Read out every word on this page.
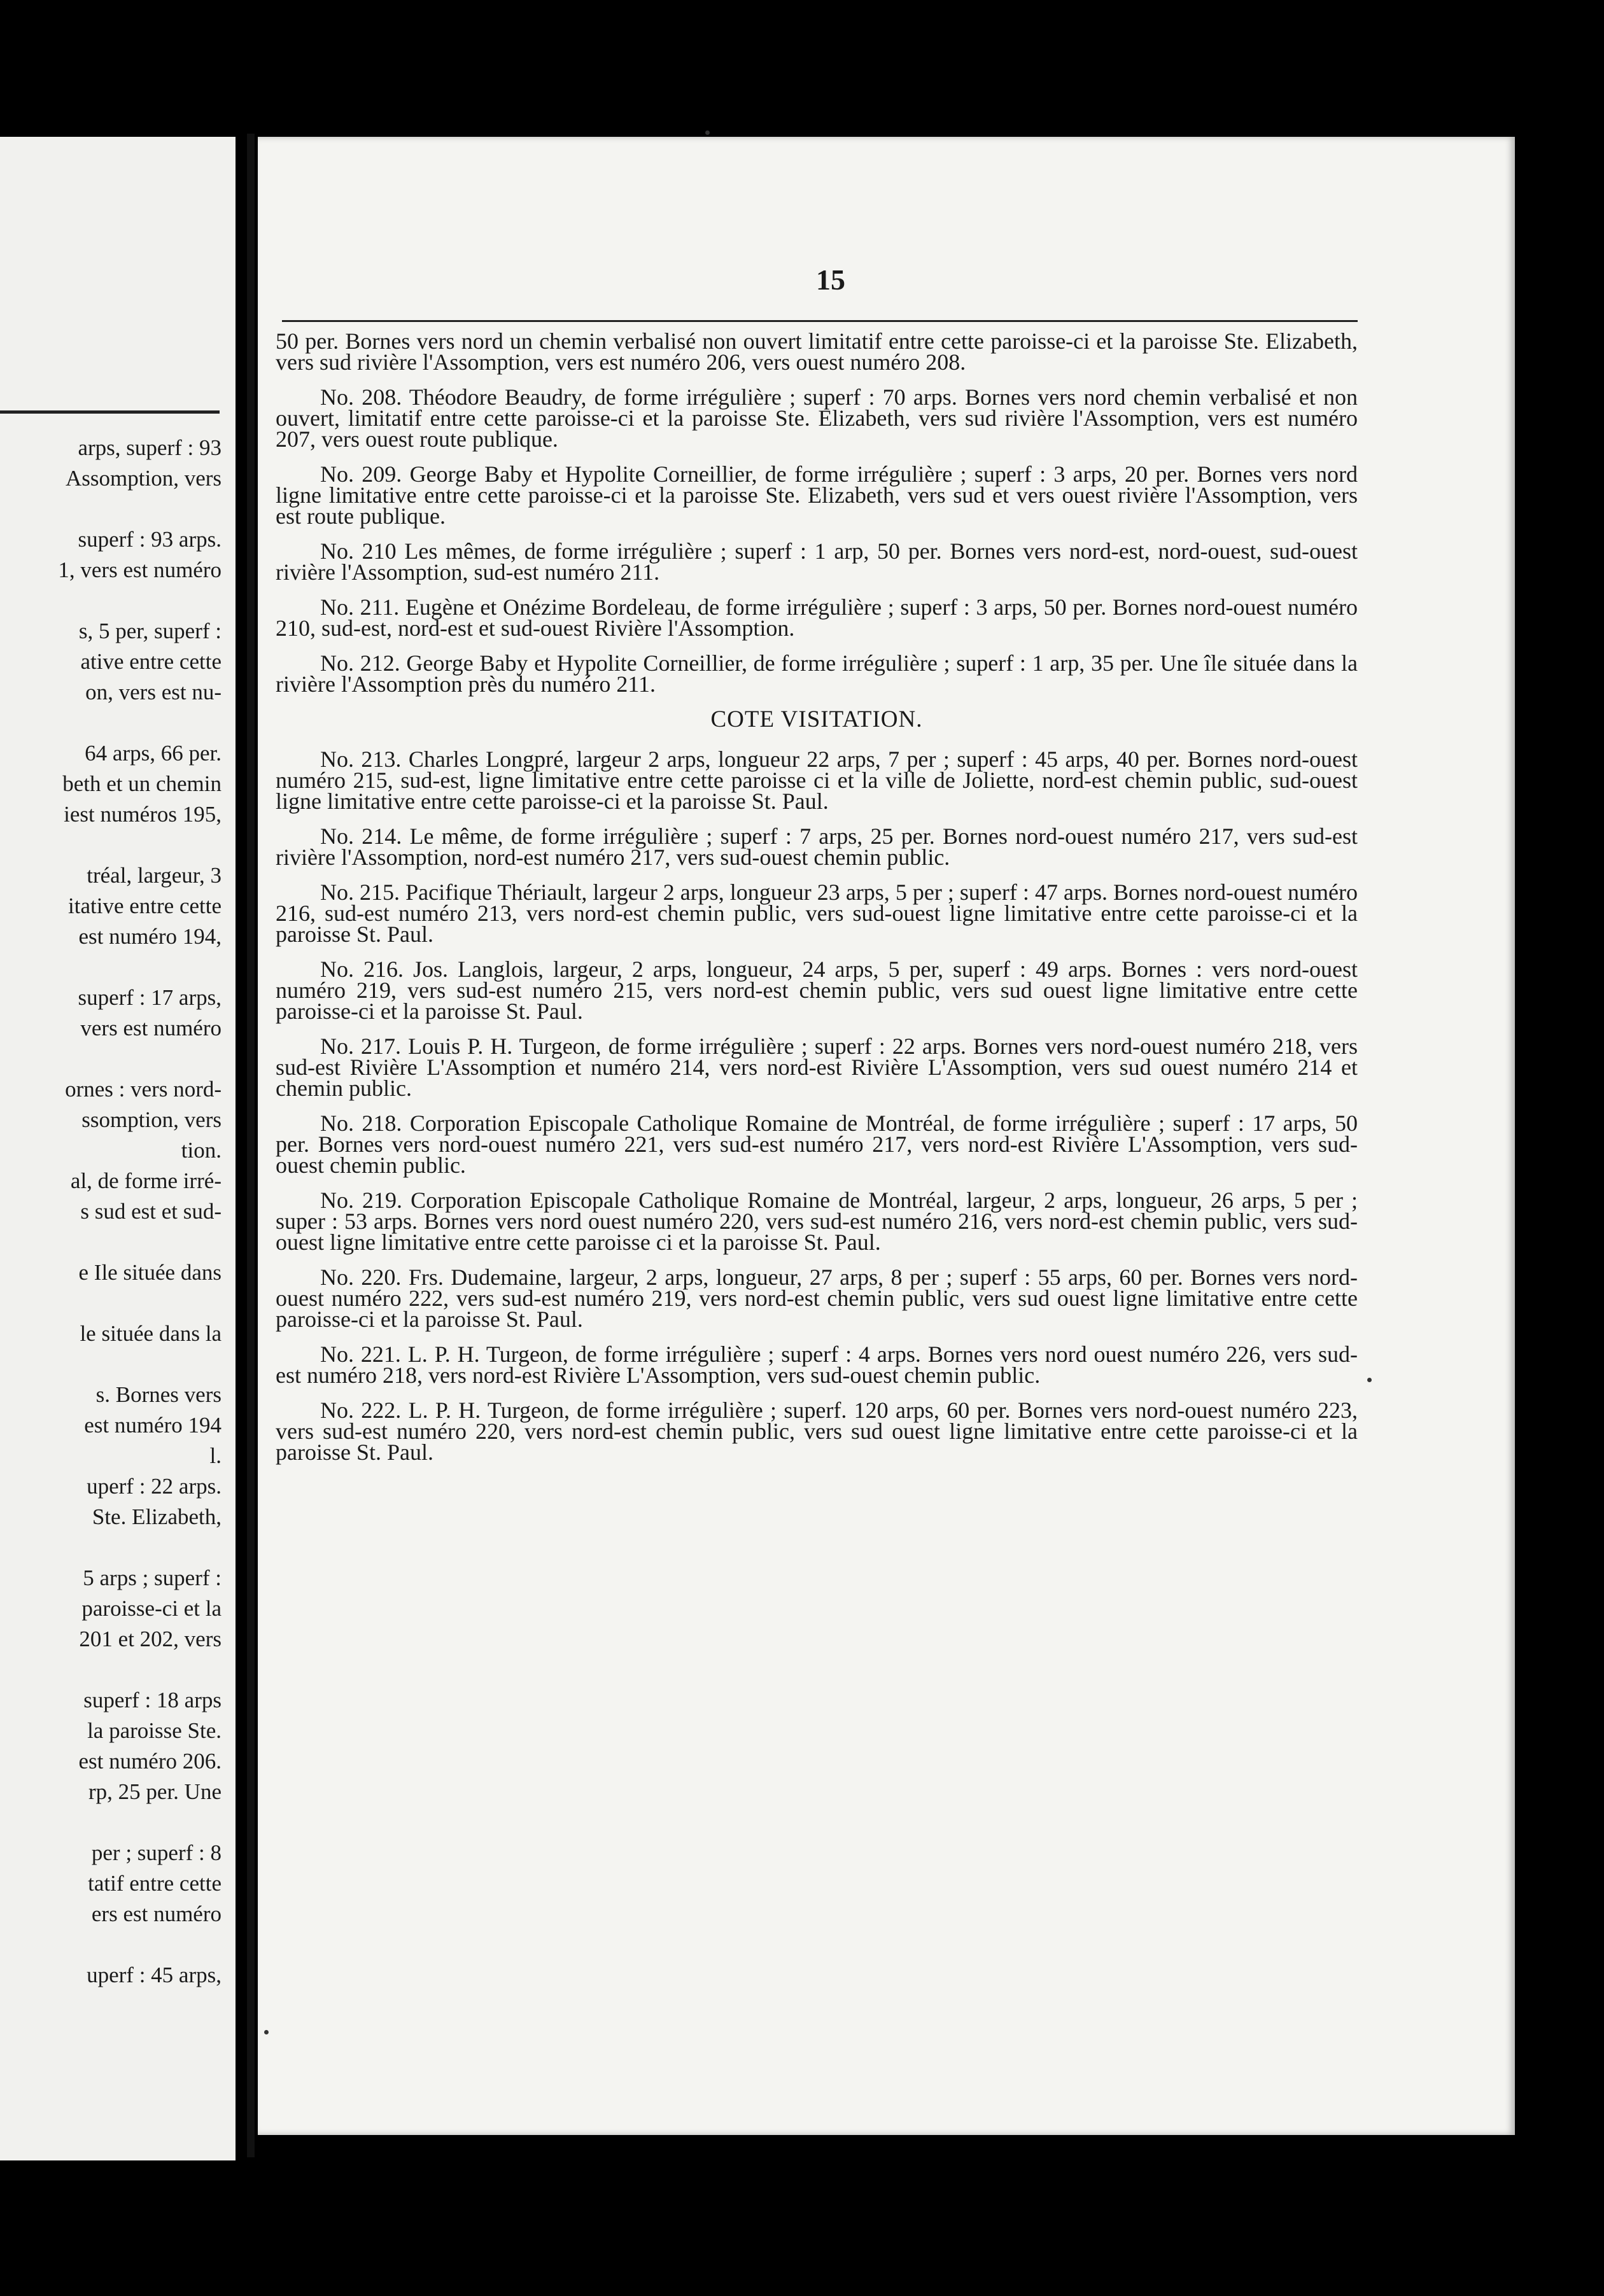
arps, superf : 93
Assomption, vers
superf : 93 arps.
1, vers est numéro
s, 5 per, superf :
ative entre cette
on, vers est nu-
64 arps, 66 per.
beth et un chemin
iest numéros 195,
tréal, largeur, 3
itative entre cette
est numéro 194,
superf : 17 arps,
vers est numéro
ornes : vers nord-
ssomption, vers
tion.
al, de forme irré-
s sud est et sud-
e Ile située dans
le située dans la
s. Bornes vers
est numéro 194
l.
uperf : 22 arps.
Ste. Elizabeth,
5 arps ; superf :
paroisse-ci et la
201 et 202, vers
superf : 18 arps
la paroisse Ste.
est numéro 206.
rp, 25 per. Une
per ; superf : 8
tatif entre cette
ers est numéro
uperf : 45 arps,
15

50 per. Bornes vers nord un chemin verbalisé non ouvert limitatif entre cette paroisse-ci et la paroisse Ste. Elizabeth, vers sud rivière l'Assomption, vers est numéro 206, vers ouest numéro 208.

No. 208. Théodore Beaudry, de forme irrégulière ; superf : 70 arps. Bornes vers nord chemin verbalisé et non ouvert, limitatif entre cette paroisse-ci et la paroisse Ste. Elizabeth, vers sud rivière l'Assomption, vers est numéro 207, vers ouest route publique.

No. 209. George Baby et Hypolite Corneillier, de forme irrégulière ; superf : 3 arps, 20 per. Bornes vers nord ligne limitative entre cette paroisse-ci et la paroisse Ste. Elizabeth, vers sud et vers ouest rivière l'Assomption, vers est route publique.

No. 210 Les mêmes, de forme irrégulière ; superf : 1 arp, 50 per. Bornes vers nord-est, nord-ouest, sud-ouest rivière l'Assomption, sud-est numéro 211.

No. 211. Eugène et Onézime Bordeleau, de forme irrégulière ; superf : 3 arps, 50 per. Bornes nord-ouest numéro 210, sud-est, nord-est et sud-ouest Rivière l'Assomption.

No. 212. George Baby et Hypolite Corneillier, de forme irrégulière ; superf : 1 arp, 35 per. Une île située dans la rivière l'Assomption près du numéro 211.

COTE VISITATION.

No. 213. Charles Longpré, largeur 2 arps, longueur 22 arps, 7 per ; superf : 45 arps, 40 per. Bornes nord-ouest numéro 215, sud-est, ligne limitative entre cette paroisse ci et la ville de Joliette, nord-est chemin public, sud-ouest ligne limitative entre cette paroisse-ci et la paroisse St. Paul.

No. 214. Le même, de forme irrégulière ; superf : 7 arps, 25 per. Bornes nord-ouest numéro 217, vers sud-est rivière l'Assomption, nord-est numéro 217, vers sud-ouest chemin public.

No. 215. Pacifique Thériault, largeur 2 arps, longueur 23 arps, 5 per ; superf : 47 arps. Bornes nord-ouest numéro 216, sud-est numéro 213, vers nord-est chemin public, vers sud-ouest ligne limitative entre cette paroisse-ci et la paroisse St. Paul.

No. 216. Jos. Langlois, largeur, 2 arps, longueur, 24 arps, 5 per, superf : 49 arps. Bornes : vers nord-ouest numéro 219, vers sud-est numéro 215, vers nord-est chemin public, vers sud ouest ligne limitative entre cette paroisse-ci et la paroisse St. Paul.

No. 217. Louis P. H. Turgeon, de forme irrégulière ; superf : 22 arps. Bornes vers nord-ouest numéro 218, vers sud-est Rivière L'Assomption et numéro 214, vers nord-est Rivière L'Assomption, vers sud ouest numéro 214 et chemin public.

No. 218. Corporation Episcopale Catholique Romaine de Montréal, de forme irrégulière ; superf : 17 arps, 50 per. Bornes vers nord-ouest numéro 221, vers sud-est numéro 217, vers nord-est Rivière L'Assomption, vers sud-ouest chemin public.

No. 219. Corporation Episcopale Catholique Romaine de Montréal, largeur, 2 arps, longueur, 26 arps, 5 per ; super : 53 arps. Bornes vers nord ouest numéro 220, vers sud-est numéro 216, vers nord-est chemin public, vers sud-ouest ligne limitative entre cette paroisse ci et la paroisse St. Paul.

No. 220. Frs. Dudemaine, largeur, 2 arps, longueur, 27 arps, 8 per ; superf : 55 arps, 60 per. Bornes vers nord-ouest numéro 222, vers sud-est numéro 219, vers nord-est chemin public, vers sud ouest ligne limitative entre cette paroisse-ci et la paroisse St. Paul.

No. 221. L. P. H. Turgeon, de forme irrégulière ; superf : 4 arps. Bornes vers nord ouest numéro 226, vers sud-est numéro 218, vers nord-est Rivière L'Assomption, vers sud-ouest chemin public.

No. 222. L. P. H. Turgeon, de forme irrégulière ; superf. 120 arps, 60 per. Bornes vers nord-ouest numéro 223, vers sud-est numéro 220, vers nord-est chemin public, vers sud ouest ligne limitative entre cette paroisse-ci et la paroisse St. Paul.
